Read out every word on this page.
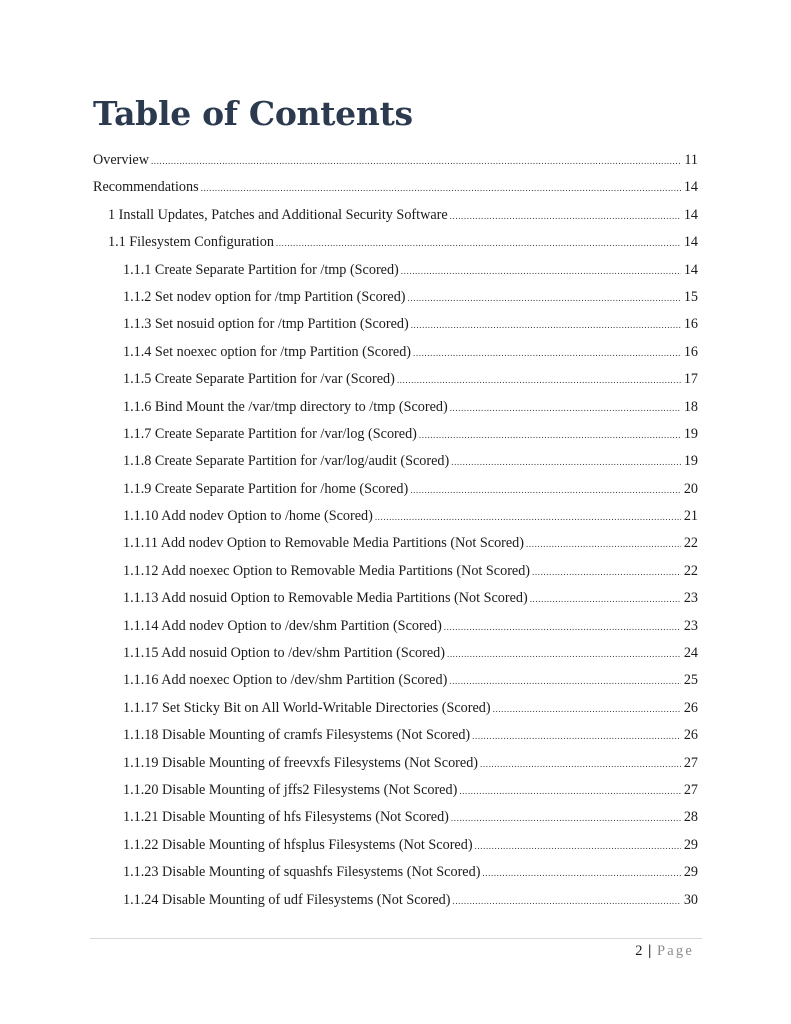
Table of Contents
Overview .....	11
Recommendations .....	14
1 Install Updates, Patches and Additional Security Software .....	14
1.1 Filesystem Configuration .....	14
1.1.1 Create Separate Partition for /tmp (Scored) .....	14
1.1.2 Set nodev option for /tmp Partition (Scored) .....	15
1.1.3 Set nosuid option for /tmp Partition (Scored) .....	16
1.1.4 Set noexec option for /tmp Partition (Scored) .....	16
1.1.5 Create Separate Partition for /var (Scored) .....	17
1.1.6 Bind Mount the /var/tmp directory to /tmp (Scored) .....	18
1.1.7 Create Separate Partition for /var/log (Scored) .....	19
1.1.8 Create Separate Partition for /var/log/audit (Scored) .....	19
1.1.9 Create Separate Partition for /home (Scored) .....	20
1.1.10 Add nodev Option to /home (Scored) .....	21
1.1.11 Add nodev Option to Removable Media Partitions (Not Scored) .....	22
1.1.12 Add noexec Option to Removable Media Partitions (Not Scored) .....	22
1.1.13 Add nosuid Option to Removable Media Partitions (Not Scored) .....	23
1.1.14 Add nodev Option to /dev/shm Partition (Scored) .....	23
1.1.15 Add nosuid Option to /dev/shm Partition (Scored) .....	24
1.1.16 Add noexec Option to /dev/shm Partition (Scored) .....	25
1.1.17 Set Sticky Bit on All World-Writable Directories (Scored) .....	26
1.1.18 Disable Mounting of cramfs Filesystems (Not Scored) .....	26
1.1.19 Disable Mounting of freevxfs Filesystems (Not Scored) .....	27
1.1.20 Disable Mounting of jffs2 Filesystems (Not Scored) .....	27
1.1.21 Disable Mounting of hfs Filesystems (Not Scored) .....	28
1.1.22 Disable Mounting of hfsplus Filesystems (Not Scored) .....	29
1.1.23 Disable Mounting of squashfs Filesystems (Not Scored) .....	29
1.1.24 Disable Mounting of udf Filesystems (Not Scored) .....	30
2 | Page
